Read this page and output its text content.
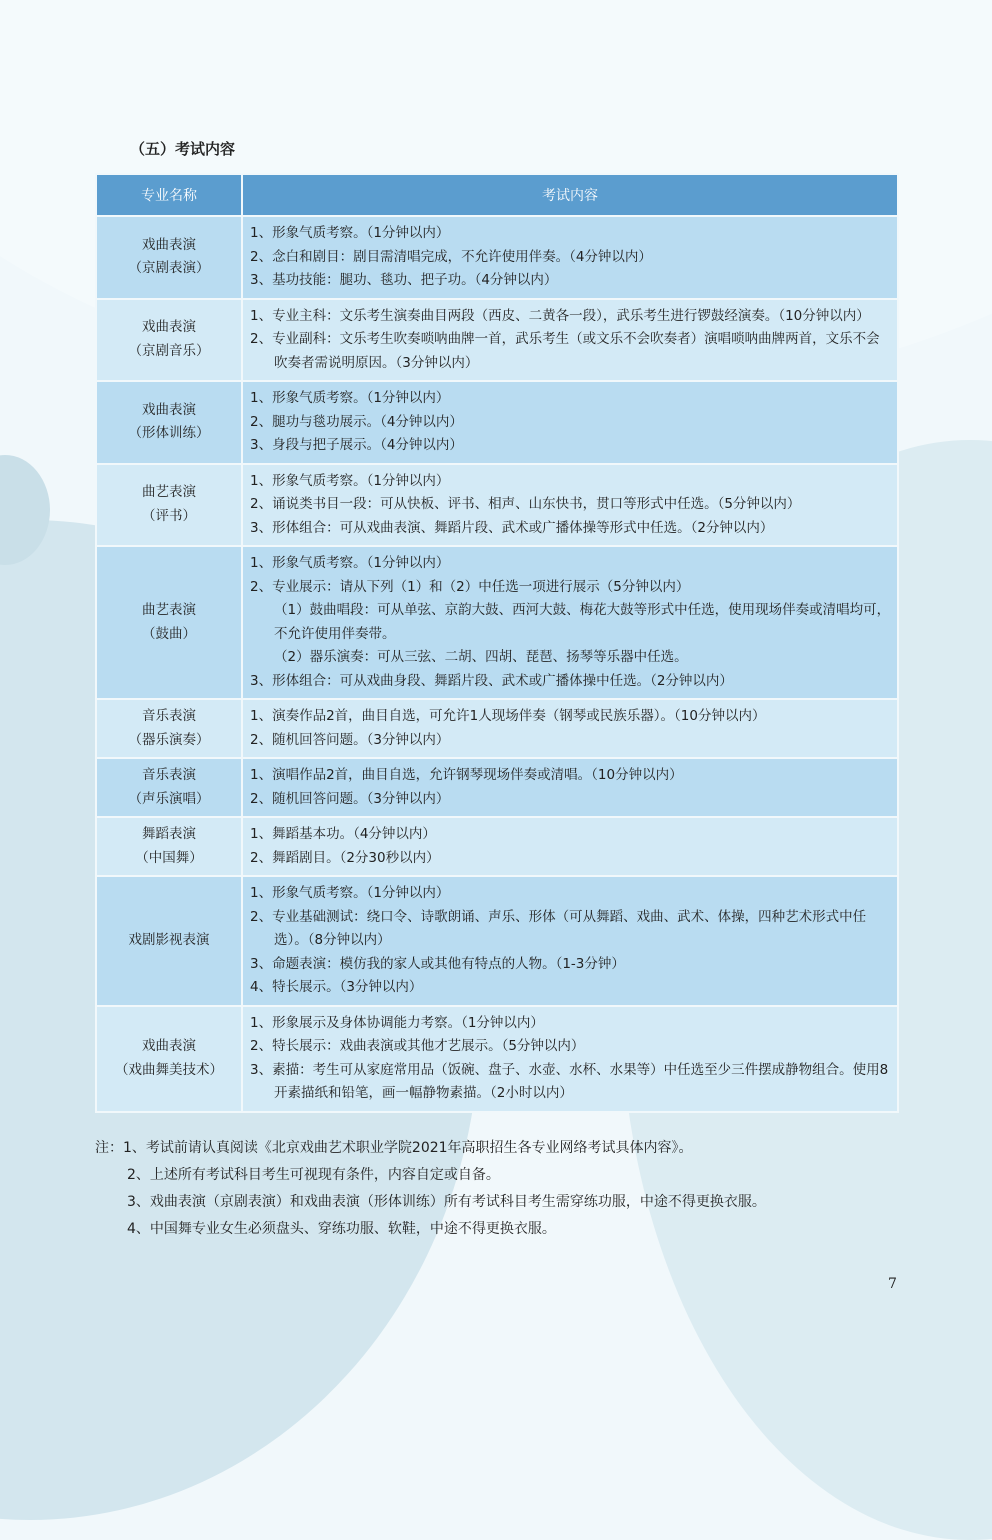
（五）考试内容
专业名称	考试内容

戏曲表演
（京剧表演）	1、形象气质考察。（1分钟以内）
2、念白和剧目：剧目需清唱完成，不允许使用伴奏。（4分钟以内）
3、基功技能：腿功、毯功、把子功。（4分钟以内）

戏曲表演
（京剧音乐）	1、专业主科：文乐考生演奏曲目两段（西皮、二黄各一段），武乐考生进行锣鼓经演奏。（10分钟以内）
2、专业副科：文乐考生吹奏唢呐曲牌一首，武乐考生（或文乐不会吹奏者）演唱唢呐曲牌两首，文乐不会吹奏者需说明原因。（3分钟以内）

戏曲表演
（形体训练）	1、形象气质考察。（1分钟以内）
2、腿功与毯功展示。（4分钟以内）
3、身段与把子展示。（4分钟以内）

曲艺表演
（评书）	1、形象气质考察。（1分钟以内）
2、诵说类书目一段：可从快板、评书、相声、山东快书，贯口等形式中任选。（5分钟以内）
3、形体组合：可从戏曲表演、舞蹈片段、武术或广播体操等形式中任选。（2分钟以内）

曲艺表演
（鼓曲）	1、形象气质考察。（1分钟以内）
2、专业展示：请从下列（1）和（2）中任选一项进行展示（5分钟以内）
（1）鼓曲唱段：可从单弦、京韵大鼓、西河大鼓、梅花大鼓等形式中任选，使用现场伴奏或清唱均可，不允许使用伴奏带。
（2）器乐演奏：可从三弦、二胡、四胡、琵琶、扬琴等乐器中任选。
3、形体组合：可从戏曲身段、舞蹈片段、武术或广播体操中任选。（2分钟以内）

音乐表演
（器乐演奏）	1、演奏作品2首，曲目自选，可允许1人现场伴奏（钢琴或民族乐器）。（10分钟以内）
2、随机回答问题。（3分钟以内）

音乐表演
（声乐演唱）	1、演唱作品2首，曲目自选，允许钢琴现场伴奏或清唱。（10分钟以内）
2、随机回答问题。（3分钟以内）

舞蹈表演
（中国舞）	1、舞蹈基本功。（4分钟以内）
2、舞蹈剧目。（2分30秒以内）

戏剧影视表演	1、形象气质考察。（1分钟以内）
2、专业基础测试：绕口令、诗歌朗诵、声乐、形体（可从舞蹈、戏曲、武术、体操，四种艺术形式中任选）。（8分钟以内）
3、命题表演：模仿我的家人或其他有特点的人物。（1-3分钟）
4、特长展示。（3分钟以内）

戏曲表演
（戏曲舞美技术）	1、形象展示及身体协调能力考察。（1分钟以内）
2、特长展示：戏曲表演或其他才艺展示。（5分钟以内）
3、素描：考生可从家庭常用品（饭碗、盘子、水壶、水杯、水果等）中任选至少三件摆成静物组合。使用8开素描纸和铅笔，画一幅静物素描。（2小时以内）
注：1、考试前请认真阅读《北京戏曲艺术职业学院2021年高职招生各专业网络考试具体内容》。
2、上述所有考试科目考生可视现有条件，内容自定或自备。
3、戏曲表演（京剧表演）和戏曲表演（形体训练）所有考试科目考生需穿练功服，中途不得更换衣服。
4、中国舞专业女生必须盘头、穿练功服、软鞋，中途不得更换衣服。
7
